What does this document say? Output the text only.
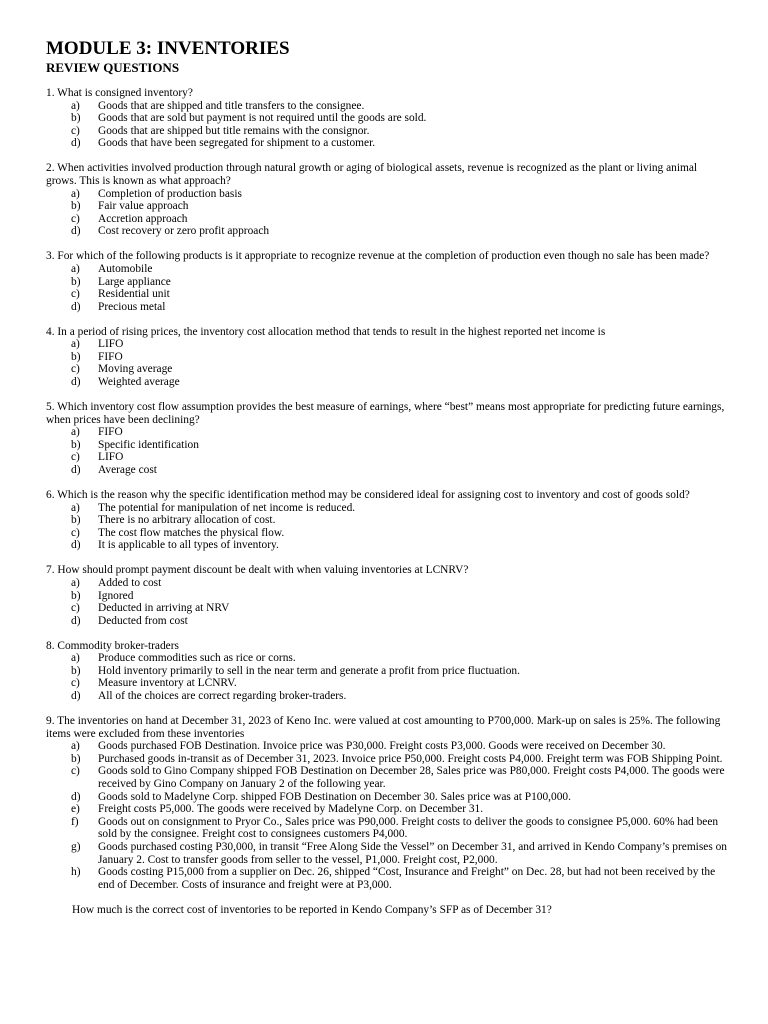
MODULE 3: INVENTORIES
REVIEW QUESTIONS

1. What is consigned inventory?

a)	Goods that are shipped and title transfers to the consignee.
b)	Goods that are sold but payment is not required until the goods are sold.
c)	Goods that are shipped but title remains with the consignor.
d)	Goods that have been segregated for shipment to a customer.

2. When activities involved production through natural growth or aging of biological assets, revenue is recognized as the plant or living animal grows. This is known as what approach?

a)	Completion of production basis
b)	Fair value approach
c)	Accretion approach
d)	Cost recovery or zero profit approach

3. For which of the following products is it appropriate to recognize revenue at the completion of production even though no sale has been made?

a)	Automobile
b)	Large appliance
c)	Residential unit
d)	Precious metal

4. In a period of rising prices, the inventory cost allocation method that tends to result in the highest reported net income is

a)	LIFO
b)	FIFO
c)	Moving average
d)	Weighted average

5. Which inventory cost flow assumption provides the best measure of earnings, where “best” means most appropriate for predicting future earnings, when prices have been declining?

a)	FIFO
b)	Specific identification
c)	LIFO
d)	Average cost

6. Which is the reason why the specific identification method may be considered ideal for assigning cost to inventory and cost of goods sold?

a)	The potential for manipulation of net income is reduced.
b)	There is no arbitrary allocation of cost.
c)	The cost flow matches the physical flow.
d)	It is applicable to all types of inventory.

7. How should prompt payment discount be dealt with when valuing inventories at LCNRV?

a)	Added to cost
b)	Ignored
c)	Deducted in arriving at NRV
d)	Deducted from cost

8. Commodity broker-traders

a)	Produce commodities such as rice or corns.
b)	Hold inventory primarily to sell in the near term and generate a profit from price fluctuation.
c)	Measure inventory at LCNRV.
d)	All of the choices are correct regarding broker-traders.

9. The inventories on hand at December 31, 2023 of Keno Inc. were valued at cost amounting to P700,000. Mark-up on sales is 25%. The following items were excluded from these inventories

a)	Goods purchased FOB Destination. Invoice price was P30,000. Freight costs P3,000. Goods were received on December 30.
b)	Purchased goods in-transit as of December 31, 2023. Invoice price P50,000. Freight costs P4,000. Freight term was FOB Shipping Point.
c)	Goods sold to Gino Company shipped FOB Destination on December 28, Sales price was P80,000. Freight costs P4,000. The goods were received by Gino Company on January 2 of the following year.
d)	Goods sold to Madelyne Corp. shipped FOB Destination on December 30. Sales price was at P100,000.
e)	Freight costs P5,000. The goods were received by Madelyne Corp. on December 31.
f)	Goods out on consignment to Pryor Co., Sales price was P90,000. Freight costs to deliver the goods to consignee P5,000. 60% had been sold by the consignee. Freight cost to consignees customers P4,000.
g)	Goods purchased costing P30,000, in transit “Free Along Side the Vessel” on December 31, and arrived in Kendo Company’s premises on January 2. Cost to transfer goods from seller to the vessel, P1,000. Freight cost, P2,000.
h)	Goods costing P15,000 from a supplier on Dec. 26, shipped “Cost, Insurance and Freight” on Dec. 28, but had not been received by the end of December. Costs of insurance and freight were at P3,000.

How much is the correct cost of inventories to be reported in Kendo Company’s SFP as of December 31?
